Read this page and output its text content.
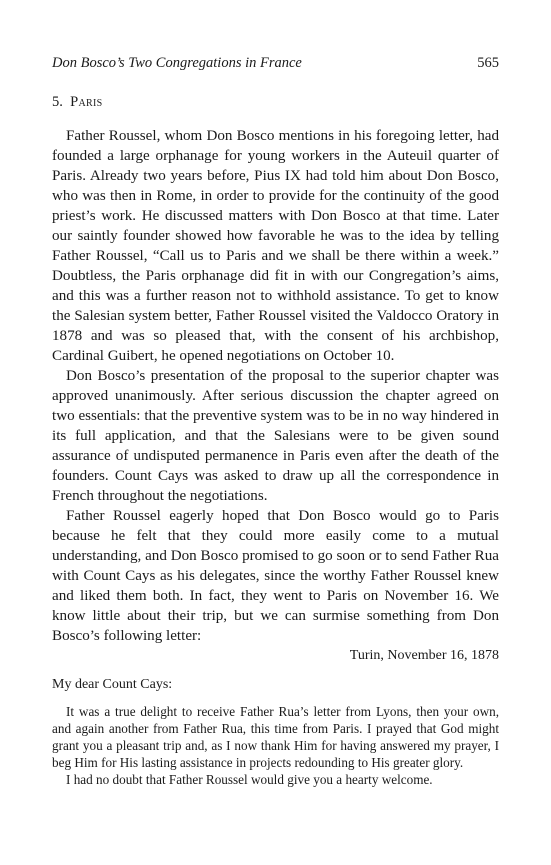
Don Bosco’s Two Congregations in France	565
5. Paris

Father Roussel, whom Don Bosco mentions in his foregoing letter, had founded a large orphanage for young workers in the Auteuil quarter of Paris. Already two years before, Pius IX had told him about Don Bosco, who was then in Rome, in order to provide for the continuity of the good priest’s work. He discussed matters with Don Bosco at that time. Later our saintly founder showed how favorable he was to the idea by telling Father Roussel, “Call us to Paris and we shall be there within a week.” Doubtless, the Paris orphanage did fit in with our Congregation’s aims, and this was a further reason not to withhold assistance. To get to know the Salesian system better, Father Roussel visited the Valdocco Oratory in 1878 and was so pleased that, with the consent of his archbishop, Cardinal Guibert, he opened negotiations on October 10.

Don Bosco’s presentation of the proposal to the superior chapter was approved unanimously. After serious discussion the chapter agreed on two essentials: that the preventive system was to be in no way hindered in its full application, and that the Salesians were to be given sound assurance of undisputed permanence in Paris even after the death of the founders. Count Cays was asked to draw up all the correspondence in French throughout the negotiations.

Father Roussel eagerly hoped that Don Bosco would go to Paris because he felt that they could more easily come to a mutual understanding, and Don Bosco promised to go soon or to send Father Rua with Count Cays as his delegates, since the worthy Father Roussel knew and liked them both. In fact, they went to Paris on November 16. We know little about their trip, but we can surmise something from Don Bosco’s following letter:

Turin, November 16, 1878
My dear Count Cays:

It was a true delight to receive Father Rua’s letter from Lyons, then your own, and again another from Father Rua, this time from Paris. I prayed that God might grant you a pleasant trip and, as I now thank Him for having answered my prayer, I beg Him for His lasting assistance in projects redounding to His greater glory.

I had no doubt that Father Roussel would give you a hearty welcome.
